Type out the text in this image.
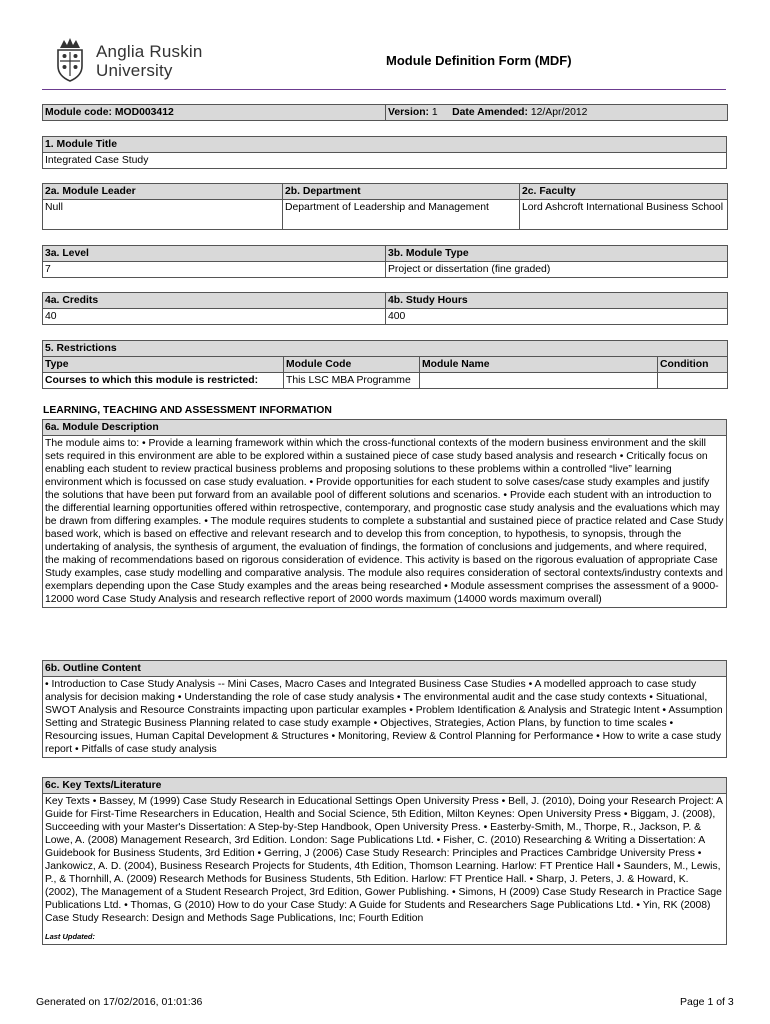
Anglia Ruskin
University
Module Definition Form (MDF)
Module code: MOD003412	Version: 1 Date Amended: 12/Apr/2012
1. Module Title
Integrated Case Study
2a. Module Leader	2b. Department	2c. Faculty
Null	Department of Leadership and Management	Lord Ashcroft International Business School
3a. Level	3b. Module Type
7	Project or dissertation (fine graded)
4a. Credits	4b. Study Hours
40	400
5. Restrictions			
Type	Module Code	Module Name	Condition
Courses to which this module is restricted:	This LSC MBA Programme		
LEARNING, TEACHING AND ASSESSMENT INFORMATION
6a. Module Description
The module aims to: • Provide a learning framework within which the cross-functional contexts of the modern business environment and the skill sets required in this environment are able to be explored within a sustained piece of case study based analysis and research • Critically focus on enabling each student to review practical business problems and proposing solutions to these problems within a controlled “live” learning environment which is focussed on case study evaluation. • Provide opportunities for each student to solve cases/case study examples and justify the solutions that have been put forward from an available pool of different solutions and scenarios. • Provide each student with an introduction to the differential learning opportunities offered within retrospective, contemporary, and prognostic case study analysis and the evaluations which may be drawn from differing examples. • The module requires students to complete a substantial and sustained piece of practice related and Case Study based work, which is based on effective and relevant research and to develop this from conception, to hypothesis, to synopsis, through the undertaking of analysis, the synthesis of argument, the evaluation of findings, the formation of conclusions and judgements, and where required, the making of recommendations based on rigorous consideration of evidence. This activity is based on the rigorous evaluation of appropriate Case Study examples, case study modelling and comparative analysis. The module also requires consideration of sectoral contexts/industry contexts and exemplars depending upon the Case Study examples and the areas being researched • Module assessment comprises the assessment of a 9000-12000 word Case Study Analysis and research reflective report of 2000 words maximum (14000 words maximum overall)
6b. Outline Content
• Introduction to Case Study Analysis -- Mini Cases, Macro Cases and Integrated Business Case Studies • A modelled approach to case study analysis for decision making • Understanding the role of case study analysis • The environmental audit and the case study contexts • Situational, SWOT Analysis and Resource Constraints impacting upon particular examples • Problem Identification & Analysis and Strategic Intent • Assumption Setting and Strategic Business Planning related to case study example • Objectives, Strategies, Action Plans, by function to time scales • Resourcing issues, Human Capital Development & Structures • Monitoring, Review & Control Planning for Performance • How to write a case study report • Pitfalls of case study analysis
6c. Key Texts/Literature

Key Texts • Bassey, M (1999) Case Study Research in Educational Settings Open University Press • Bell, J. (2010), Doing your Research Project: A Guide for First-Time Researchers in Education, Health and Social Science, 5th Edition, Milton Keynes: Open University Press • Biggam, J. (2008), Succeeding with your Master's Dissertation: A Step-by-Step Handbook, Open University Press. • Easterby-Smith, M., Thorpe, R., Jackson, P. & Lowe, A. (2008) Management Research, 3rd Edition. London: Sage Publications Ltd. • Fisher, C. (2010) Researching & Writing a Dissertation: A Guidebook for Business Students, 3rd Edition • Gerring, J (2006) Case Study Research: Principles and Practices Cambridge University Press • Jankowicz, A. D. (2004), Business Research Projects for Students, 4th Edition, Thomson Learning. Harlow: FT Prentice Hall • Saunders, M., Lewis, P., & Thornhill, A. (2009) Research Methods for Business Students, 5th Edition. Harlow: FT Prentice Hall. • Sharp, J. Peters, J. & Howard, K. (2002), The Management of a Student Research Project, 3rd Edition, Gower Publishing. • Simons, H (2009) Case Study Research in Practice Sage Publications Ltd. • Thomas, G (2010) How to do your Case Study: A Guide for Students and Researchers Sage Publications Ltd. • Yin, RK (2008) Case Study Research: Design and Methods Sage Publications, Inc; Fourth Edition
Last Updated:
Generated on 17/02/2016, 01:01:36	Page 1 of 3
